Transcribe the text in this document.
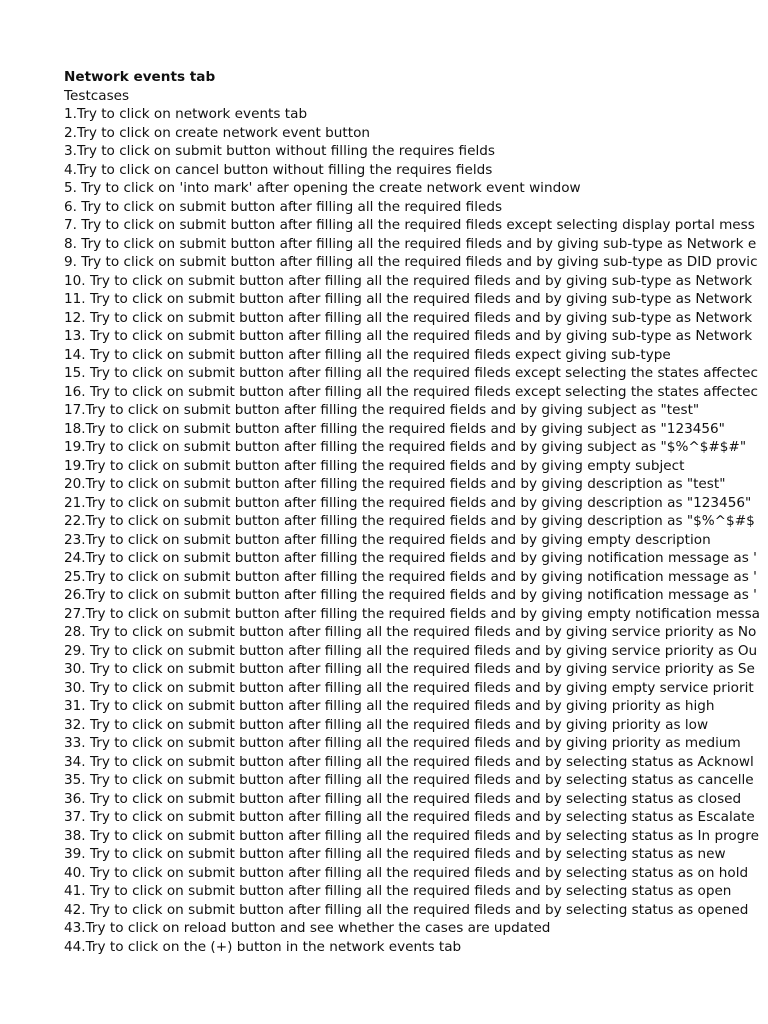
Network events tab
Testcases
1.Try to click on network events tab
2.Try to click on create network event button
3.Try to click on submit button without filling the requires fields
4.Try to click on cancel button without filling the requires fields
5. Try to click on 'into mark' after opening the create network event window
6. Try to click on submit button after filling all the required fileds
7. Try to click on submit button after filling all the required fileds except selecting display portal mess
8. Try to click on submit button after filling all the required fileds and by giving sub-type as Network e
9. Try to click on submit button after filling all the required fileds and by giving sub-type as DID provic
10. Try to click on submit button after filling all the required fileds and by giving sub-type as Network
11. Try to click on submit button after filling all the required fileds and by giving sub-type as Network
12. Try to click on submit button after filling all the required fileds and by giving sub-type as Network
13. Try to click on submit button after filling all the required fileds and by giving sub-type as Network
14. Try to click on submit button after filling all the required fileds expect giving sub-type
15. Try to click on submit button after filling all the required fileds except selecting the states affectec
16. Try to click on submit button after filling all the required fileds except selecting the states affectec
17.Try to click on submit button after filling the required fields and by giving subject as "test"
18.Try to click on submit button after filling the required fields and by giving subject as "123456"
19.Try to click on submit button after filling the required fields and by giving subject as "$%^$#$#"
19.Try to click on submit button after filling the required fields and by giving empty subject
20.Try to click on submit button after filling the required fields and by giving description as "test"
21.Try to click on submit button after filling the required fields and by giving description as "123456"
22.Try to click on submit button after filling the required fields and by giving description as "$%^$#$
23.Try to click on submit button after filling the required fields and by giving empty description
24.Try to click on submit button after filling the required fields and by giving notification message as '
25.Try to click on submit button after filling the required fields and by giving notification message as '
26.Try to click on submit button after filling the required fields and by giving notification message as '
27.Try to click on submit button after filling the required fields and by giving empty notification messa
28. Try to click on submit button after filling all the required fileds and by giving service priority as No
29. Try to click on submit button after filling all the required fileds and by giving service priority as Ou
30. Try to click on submit button after filling all the required fileds and by giving service priority as Se
30. Try to click on submit button after filling all the required fileds and by giving empty service priorit
31. Try to click on submit button after filling all the required fileds and by giving priority as high
32. Try to click on submit button after filling all the required fileds and by giving priority as low
33. Try to click on submit button after filling all the required fileds and by giving priority as medium
34. Try to click on submit button after filling all the required fileds and by selecting status as Acknowl
35. Try to click on submit button after filling all the required fileds and by selecting status as cancelle
36. Try to click on submit button after filling all the required fileds and by selecting status as closed
37. Try to click on submit button after filling all the required fileds and by selecting status as Escalate
38. Try to click on submit button after filling all the required fileds and by selecting status as In progre
39. Try to click on submit button after filling all the required fileds and by selecting status as new
40. Try to click on submit button after filling all the required fileds and by selecting status as on hold
41. Try to click on submit button after filling all the required fileds and by selecting status as open
42. Try to click on submit button after filling all the required fileds and by selecting status as opened
43.Try to click on reload button and see whether the cases are updated
44.Try to click on the (+) button in the network events tab
